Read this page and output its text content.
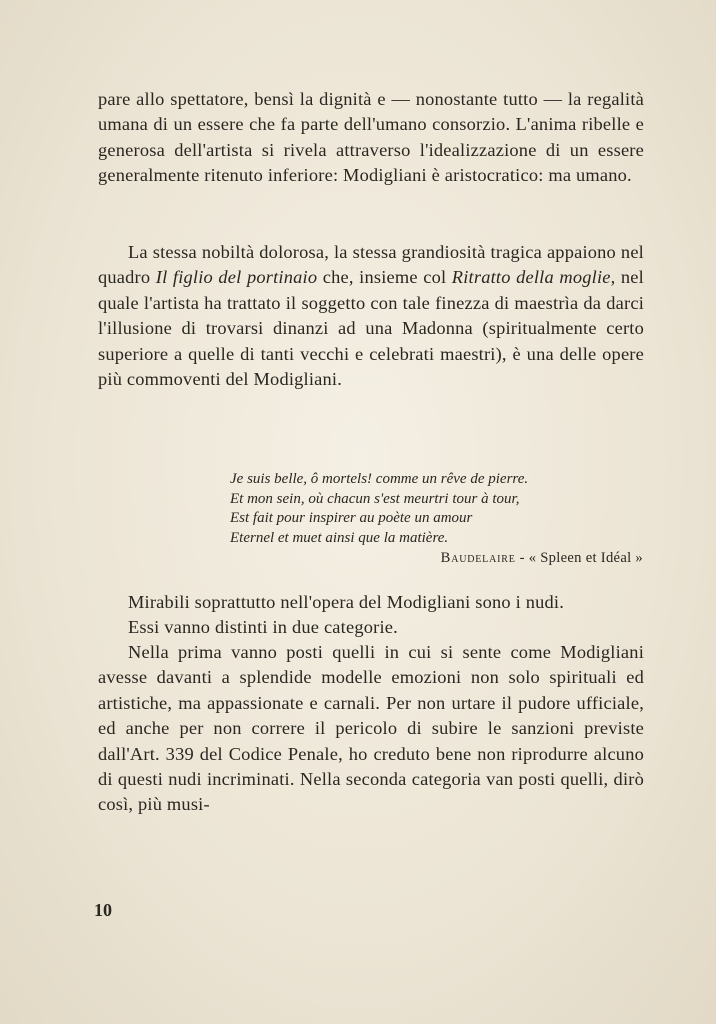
pare allo spettatore, bensì la dignità e — nonostante tutto — la regalità umana di un essere che fa parte dell'umano consorzio. L'anima ribelle e generosa dell'artista si rivela attraverso l'idealizzazione di un essere generalmente ritenuto inferiore: Modigliani è aristocratico: ma umano.

La stessa nobiltà dolorosa, la stessa grandiosità tragica appaiono nel quadro Il figlio del portinaio che, insieme col Ritratto della moglie, nel quale l'artista ha trattato il soggetto con tale finezza di maestrìa da darci l'illusione di trovarsi dinanzi ad una Madonna (spiritualmente certo superiore a quelle di tanti vecchi e celebrati maestri), è una delle opere più commoventi del Modigliani.

Je suis belle, ô mortels! comme un rêve de pierre.
Et mon sein, où chacun s'est meurtri tour à tour,
Est fait pour inspirer au poète un amour
Eternel et muet ainsi que la matière.
Baudelaire - « Spleen et Idéal »

Mirabili soprattutto nell'opera del Modigliani sono i nudi.

Essi vanno distinti in due categorie.

Nella prima vanno posti quelli in cui si sente come Modigliani avesse davanti a splendide modelle emozioni non solo spirituali ed artistiche, ma appassionate e carnali. Per non urtare il pudore ufficiale, ed anche per non correre il pericolo di subire le sanzioni previste dall'Art. 339 del Codice Penale, ho creduto bene non riprodurre alcuno di questi nudi incriminati. Nella seconda categoria van posti quelli, dirò così, più musi-

10
